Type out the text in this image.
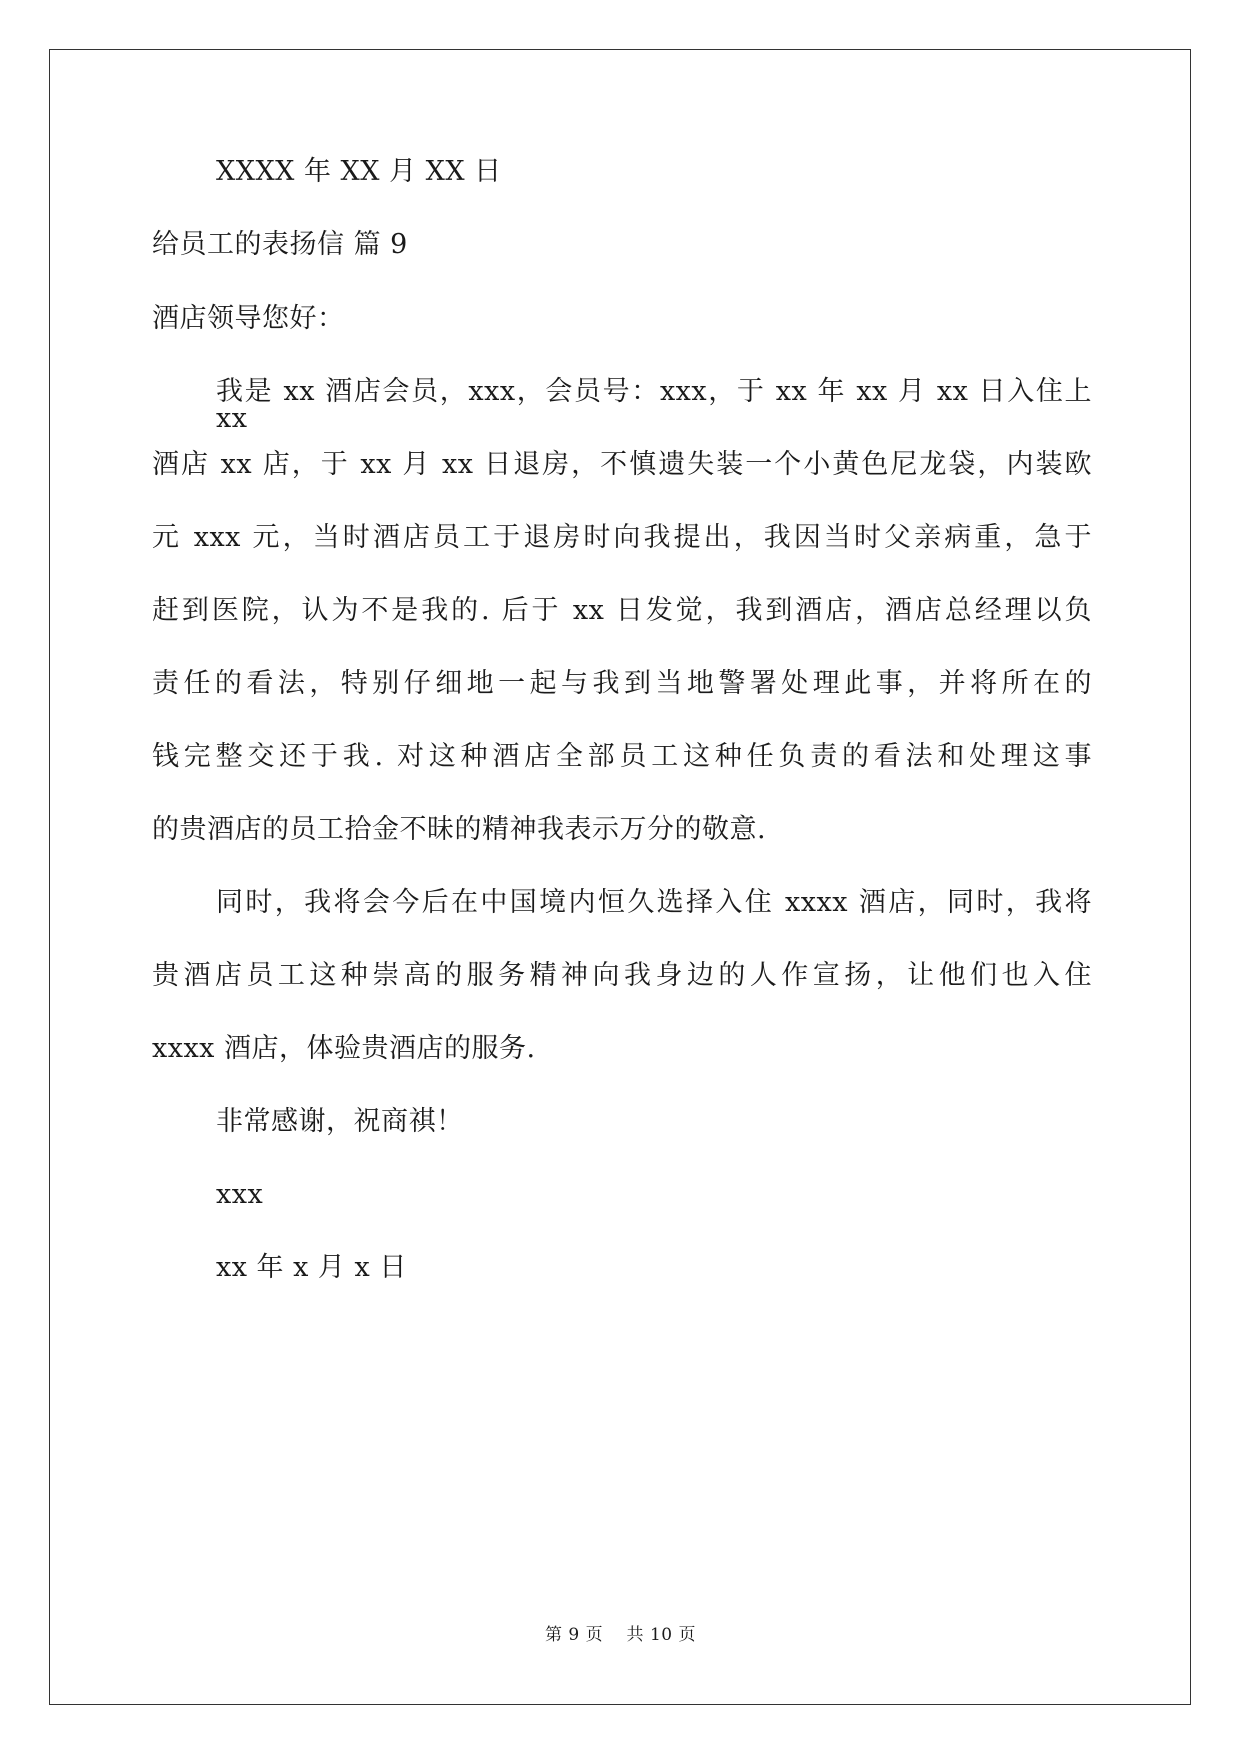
XXXX 年 XX 月 XX 日
给员工的表扬信 篇 9
酒店领导您好：
我是 xx 酒店会员，xxx，会员号：xxx，于 xx 年 xx 月 xx 日入住上 xx
酒店 xx 店，于 xx 月 xx 日退房，不慎遗失装一个小黄色尼龙袋，内装欧
元 xxx 元，当时酒店员工于退房时向我提出，我因当时父亲病重，急于
赶到医院，认为不是我的. 后于 xx 日发觉，我到酒店，酒店总经理以负
责任的看法，特别仔细地一起与我到当地警署处理此事，并将所在的
钱完整交还于我. 对这种酒店全部员工这种任负责的看法和处理这事
的贵酒店的员工拾金不昧的精神我表示万分的敬意.
同时，我将会今后在中国境内恒久选择入住 xxxx 酒店，同时，我将
贵酒店员工这种崇高的服务精神向我身边的人作宣扬，让他们也入住
xxxx 酒店，体验贵酒店的服务.
非常感谢，祝商祺！
xxx
xx 年 x 月 x 日
第 9 页　 共 10 页
